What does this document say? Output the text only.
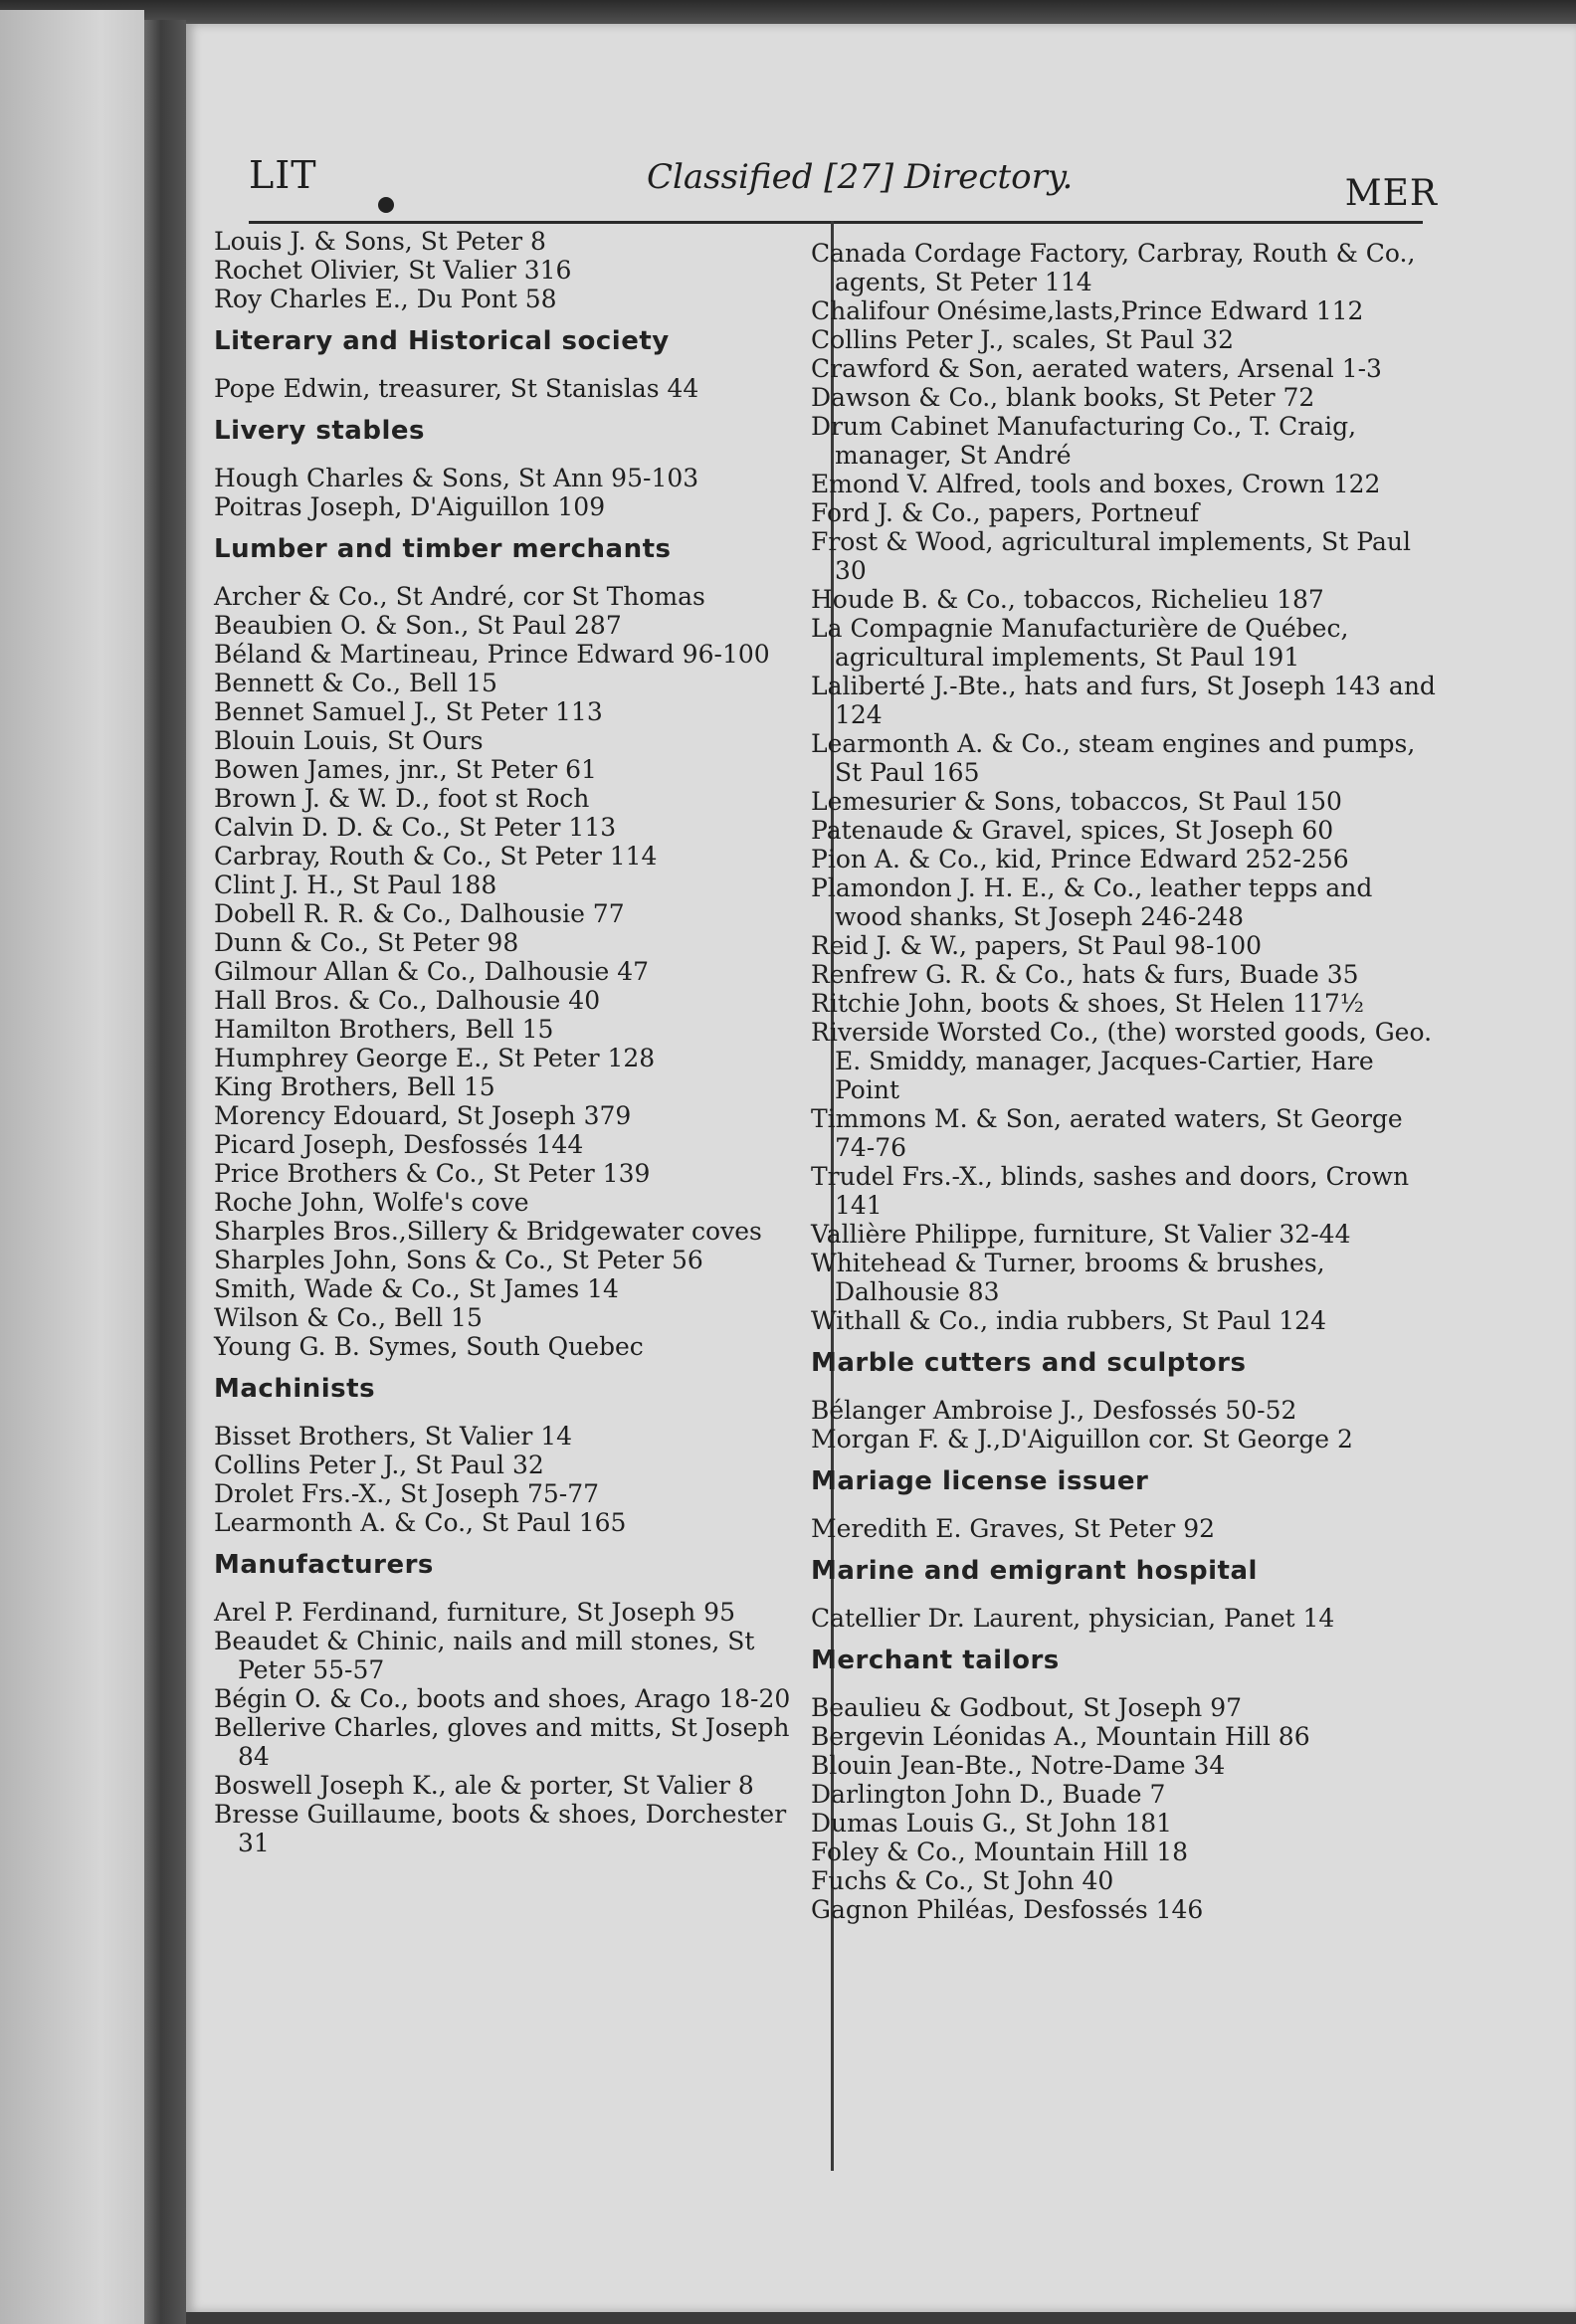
LIT	Classified [27] Directory.	MER
Louis J. & Sons, St Peter 8
Rochet Olivier, St Valier 316
Roy Charles E., Du Pont 58
Literary and Historical society
Pope Edwin, treasurer, St Stanislas 44
Livery stables
Hough Charles & Sons, St Ann 95-103
Poitras Joseph, D'Aiguillon 109
Lumber and timber merchants
Archer & Co., St André, cor St Thomas
Beaubien O. & Son., St Paul 287
Béland & Martineau, Prince Edward 96-100
Bennett & Co., Bell 15
Bennet Samuel J., St Peter 113
Blouin Louis, St Ours
Bowen James, jnr., St Peter 61
Brown J. & W. D., foot st Roch
Calvin D. D. & Co., St Peter 113
Carbray, Routh & Co., St Peter 114
Clint J. H., St Paul 188
Dobell R. R. & Co., Dalhousie 77
Dunn & Co., St Peter 98
Gilmour Allan & Co., Dalhousie 47
Hall Bros. & Co., Dalhousie 40
Hamilton Brothers, Bell 15
Humphrey George E., St Peter 128
King Brothers, Bell 15
Morency Edouard, St Joseph 379
Picard Joseph, Desfossés 144
Price Brothers & Co., St Peter 139
Roche John, Wolfe's cove
Sharples Bros.,Sillery & Bridgewater coves
Sharples John, Sons & Co., St Peter 56
Smith, Wade & Co., St James 14
Wilson & Co., Bell 15
Young G. B. Symes, South Quebec
Machinists
Bisset Brothers, St Valier 14
Collins Peter J., St Paul 32
Drolet Frs.-X., St Joseph 75-77
Learmonth A. & Co., St Paul 165
Manufacturers
Arel P. Ferdinand, furniture, St Joseph 95
Beaudet & Chinic, nails and mill stones, St Peter 55-57
Bégin O. & Co., boots and shoes, Arago 18-20
Bellerive Charles, gloves and mitts, St Joseph 84
Boswell Joseph K., ale & porter, St Valier 8
Bresse Guillaume, boots & shoes, Dorchester 31
Canada Cordage Factory, Carbray, Routh & Co., agents, St Peter 114
Chalifour Onésime,lasts,Prince Edward 112
Collins Peter J., scales, St Paul 32
Crawford & Son, aerated waters, Arsenal 1-3
Dawson & Co., blank books, St Peter 72
Drum Cabinet Manufacturing Co., T. Craig, manager, St André
Emond V. Alfred, tools and boxes, Crown 122
Ford J. & Co., papers, Portneuf
Frost & Wood, agricultural implements, St Paul 30
Houde B. & Co., tobaccos, Richelieu 187
La Compagnie Manufacturière de Québec, agricultural implements, St Paul 191
Laliberté J.-Bte., hats and furs, St Joseph 143 and 124
Learmonth A. & Co., steam engines and pumps, St Paul 165
Lemesurier & Sons, tobaccos, St Paul 150
Patenaude & Gravel, spices, St Joseph 60
Pion A. & Co., kid, Prince Edward 252-256
Plamondon J. H. E., & Co., leather tepps and wood shanks, St Joseph 246-248
Reid J. & W., papers, St Paul 98-100
Renfrew G. R. & Co., hats & furs, Buade 35
Ritchie John, boots & shoes, St Helen 117½
Riverside Worsted Co., (the) worsted goods, Geo. E. Smiddy, manager, Jacques-Cartier, Hare Point
Timmons M. & Son, aerated waters, St George 74-76
Trudel Frs.-X., blinds, sashes and doors, Crown 141
Vallière Philippe, furniture, St Valier 32-44
Whitehead & Turner, brooms & brushes, Dalhousie 83
Withall & Co., india rubbers, St Paul 124
Marble cutters and sculptors
Bélanger Ambroise J., Desfossés 50-52
Morgan F. & J.,D'Aiguillon cor. St George 2
Mariage license issuer
Meredith E. Graves, St Peter 92
Marine and emigrant hospital
Catellier Dr. Laurent, physician, Panet 14
Merchant tailors
Beaulieu & Godbout, St Joseph 97
Bergevin Léonidas A., Mountain Hill 86
Blouin Jean-Bte., Notre-Dame 34
Darlington John D., Buade 7
Dumas Louis G., St John 181
Foley & Co., Mountain Hill 18
Fuchs & Co., St John 40
Gagnon Philéas, Desfossés 146
